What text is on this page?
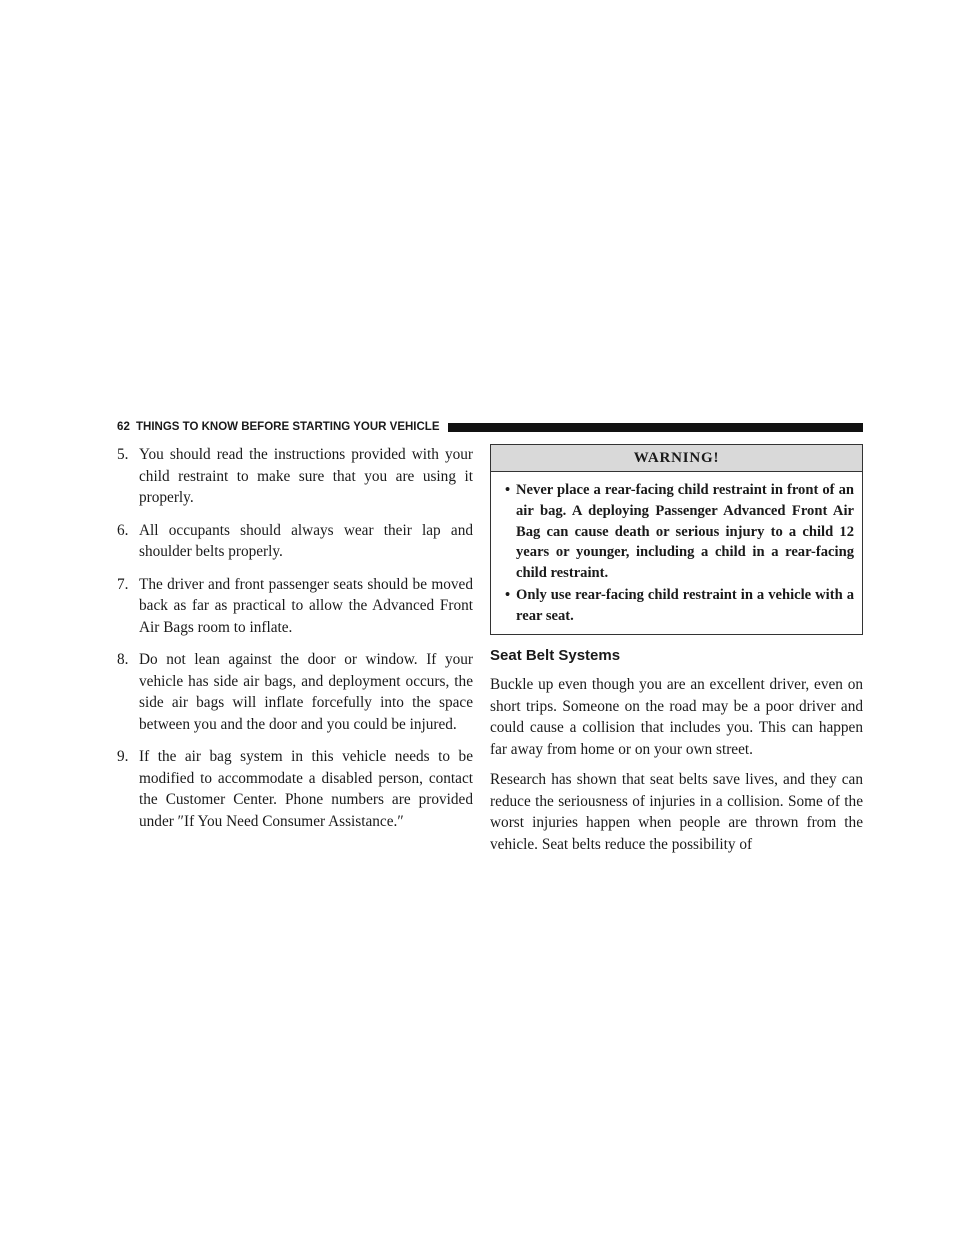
62 THINGS TO KNOW BEFORE STARTING YOUR VEHICLE
5. You should read the instructions provided with your child restraint to make sure that you are using it properly.
6. All occupants should always wear their lap and shoulder belts properly.
7. The driver and front passenger seats should be moved back as far as practical to allow the Advanced Front Air Bags room to inflate.
8. Do not lean against the door or window. If your vehicle has side air bags, and deployment occurs, the side air bags will inflate forcefully into the space between you and the door and you could be injured.
9. If the air bag system in this vehicle needs to be modified to accommodate a disabled person, contact the Customer Center. Phone numbers are provided under ″If You Need Consumer Assistance.″
WARNING!
• Never place a rear-facing child restraint in front of an air bag. A deploying Passenger Advanced Front Air Bag can cause death or serious injury to a child 12 years or younger, including a child in a rear-facing child restraint.
• Only use rear-facing child restraint in a vehicle with a rear seat.
Seat Belt Systems

Buckle up even though you are an excellent driver, even on short trips. Someone on the road may be a poor driver and could cause a collision that includes you. This can happen far away from home or on your own street.

Research has shown that seat belts save lives, and they can reduce the seriousness of injuries in a collision. Some of the worst injuries happen when people are thrown from the vehicle. Seat belts reduce the possibility of
